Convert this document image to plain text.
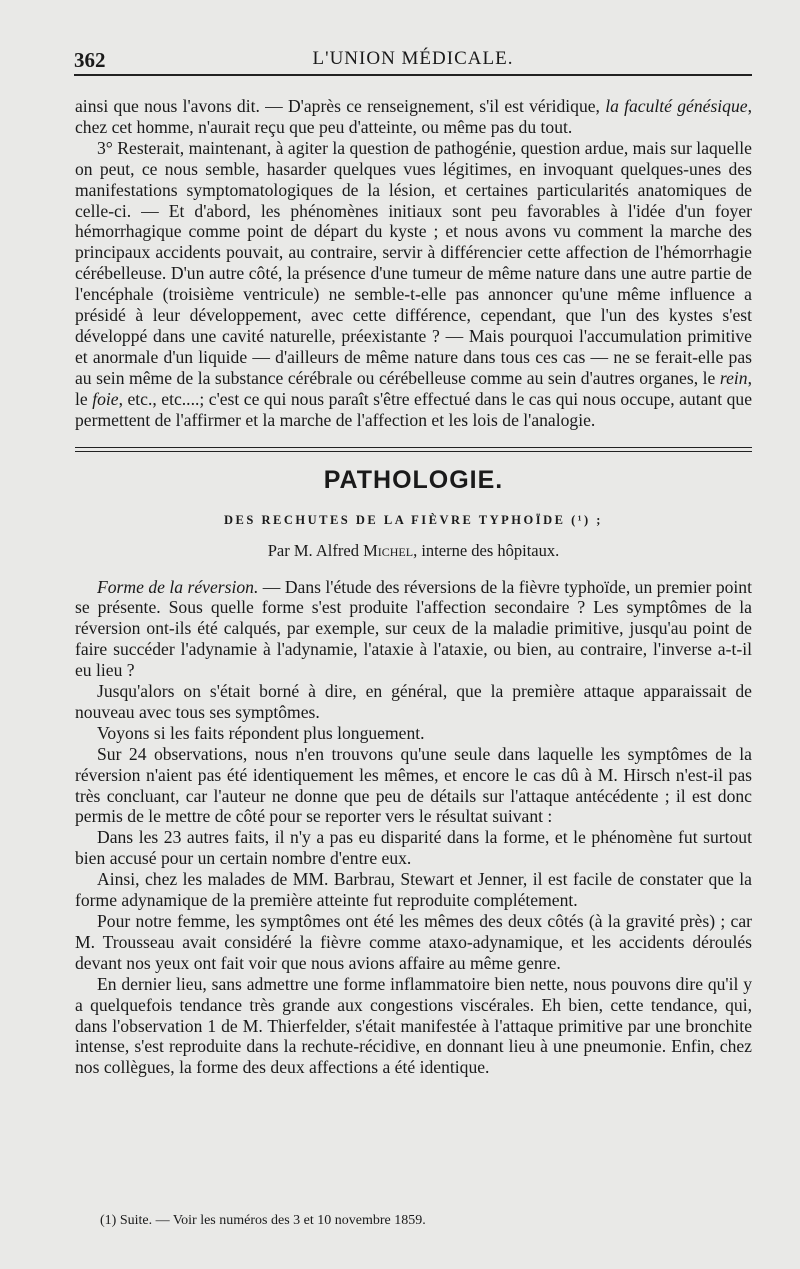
362	L'UNION MÉDICALE.

ainsi que nous l'avons dit. — D'après ce renseignement, s'il est véridique, la faculté génésique, chez cet homme, n'aurait reçu que peu d'atteinte, ou même pas du tout.

3° Resterait, maintenant, à agiter la question de pathogénie, question ardue, mais sur laquelle on peut, ce nous semble, hasarder quelques vues légitimes, en invoquant quelques-unes des manifestations symptomatologiques de la lésion, et certaines particularités anatomiques de celle-ci. — Et d'abord, les phénomènes initiaux sont peu favorables à l'idée d'un foyer hémorrhagique comme point de départ du kyste ; et nous avons vu comment la marche des principaux accidents pouvait, au contraire, servir à différencier cette affection de l'hémorrhagie cérébelleuse. D'un autre côté, la présence d'une tumeur de même nature dans une autre partie de l'encéphale (troisième ventricule) ne semble-t-elle pas annoncer qu'une même influence a présidé à leur développement, avec cette différence, cependant, que l'un des kystes s'est développé dans une cavité naturelle, préexistante ? — Mais pourquoi l'accumulation primitive et anormale d'un liquide — d'ailleurs de même nature dans tous ces cas — ne se ferait-elle pas au sein même de la substance cérébrale ou cérébelleuse comme au sein d'autres organes, le rein, le foie, etc., etc....; c'est ce qui nous paraît s'être effectué dans le cas qui nous occupe, autant que permettent de l'affirmer et la marche de l'affection et les lois de l'analogie.

PATHOLOGIE.
DES RECHUTES DE LA FIÈVRE TYPHOÏDE (¹) ;
Par M. Alfred Michel, interne des hôpitaux.

Forme de la réversion. — Dans l'étude des réversions de la fièvre typhoïde, un premier point se présente. Sous quelle forme s'est produite l'affection secondaire ? Les symptômes de la réversion ont-ils été calqués, par exemple, sur ceux de la maladie primitive, jusqu'au point de faire succéder l'adynamie à l'adynamie, l'ataxie à l'ataxie, ou bien, au contraire, l'inverse a-t-il eu lieu ?

Jusqu'alors on s'était borné à dire, en général, que la première attaque apparaissait de nouveau avec tous ses symptômes.

Voyons si les faits répondent plus longuement.

Sur 24 observations, nous n'en trouvons qu'une seule dans laquelle les symptômes de la réversion n'aient pas été identiquement les mêmes, et encore le cas dû à M. Hirsch n'est-il pas très concluant, car l'auteur ne donne que peu de détails sur l'attaque antécédente ; il est donc permis de le mettre de côté pour se reporter vers le résultat suivant :

Dans les 23 autres faits, il n'y a pas eu disparité dans la forme, et le phénomène fut surtout bien accusé pour un certain nombre d'entre eux.

Ainsi, chez les malades de MM. Barbrau, Stewart et Jenner, il est facile de constater que la forme adynamique de la première atteinte fut reproduite complétement.

Pour notre femme, les symptômes ont été les mêmes des deux côtés (à la gravité près) ; car M. Trousseau avait considéré la fièvre comme ataxo-adynamique, et les accidents déroulés devant nos yeux ont fait voir que nous avions affaire au même genre.

En dernier lieu, sans admettre une forme inflammatoire bien nette, nous pouvons dire qu'il y a quelquefois tendance très grande aux congestions viscérales. Eh bien, cette tendance, qui, dans l'observation 1 de M. Thierfelder, s'était manifestée à l'attaque primitive par une bronchite intense, s'est reproduite dans la rechute-récidive, en donnant lieu à une pneumonie. Enfin, chez nos collègues, la forme des deux affections a été identique.

(1) Suite. — Voir les numéros des 3 et 10 novembre 1859.
